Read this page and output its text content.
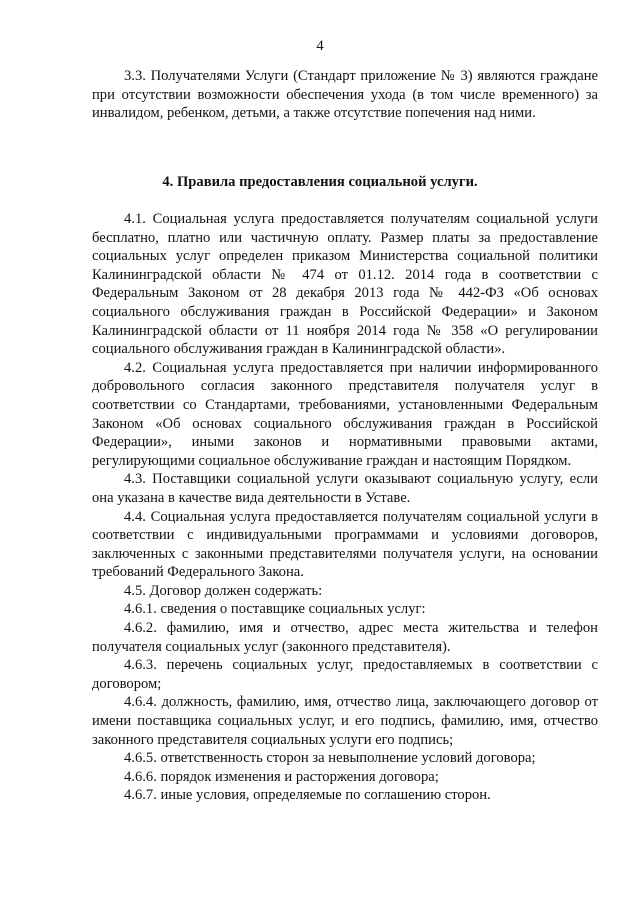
4

3.3. Получателями Услуги (Стандарт приложение № 3) являются граждане при отсутствии возможности обеспечения ухода (в том числе временного) за инвалидом, ребенком, детьми, а также отсутствие попечения над ними.

4. Правила предоставления социальной услуги.

4.1. Социальная услуга предоставляется получателям социальной услуги бесплатно, платно или частичную оплату. Размер платы за предоставление социальных услуг определен приказом Министерства социальной политики Калининградской области № 474 от 01.12. 2014 года в соответствии с Федеральным Законом от 28 декабря 2013 года № 442-ФЗ «Об основах социального обслуживания граждан в Российской Федерации» и Законом Калининградской области от 11 ноября 2014 года № 358 «О регулировании социального обслуживания граждан в Калининградской области».

4.2. Социальная услуга предоставляется при наличии информированного добровольного согласия законного представителя получателя услуг в соответствии со Стандартами, требованиями, установленными Федеральным Законом «Об основах социального обслуживания граждан в Российской Федерации», иными законов и нормативными правовыми актами, регулирующими социальное обслуживание граждан и настоящим Порядком.

4.3. Поставщики социальной услуги оказывают социальную услугу, если она указана в качестве вида деятельности в Уставе.

4.4. Социальная услуга предоставляется получателям социальной услуги в соответствии с индивидуальными программами и условиями договоров, заключенных с законными представителями получателя услуги, на основании требований Федерального Закона.

4.5. Договор должен содержать:

4.6.1. сведения о поставщике социальных услуг:

4.6.2. фамилию, имя и отчество, адрес места жительства и телефон получателя социальных услуг (законного представителя).

4.6.3. перечень социальных услуг, предоставляемых в соответствии с договором;

4.6.4. должность, фамилию, имя, отчество лица, заключающего договор от имени поставщика социальных услуг, и его подпись, фамилию, имя, отчество законного представителя социальных услуги его подпись;

4.6.5. ответственность сторон за невыполнение условий договора;

4.6.6. порядок изменения и расторжения договора;

4.6.7. иные условия, определяемые по соглашению сторон.
